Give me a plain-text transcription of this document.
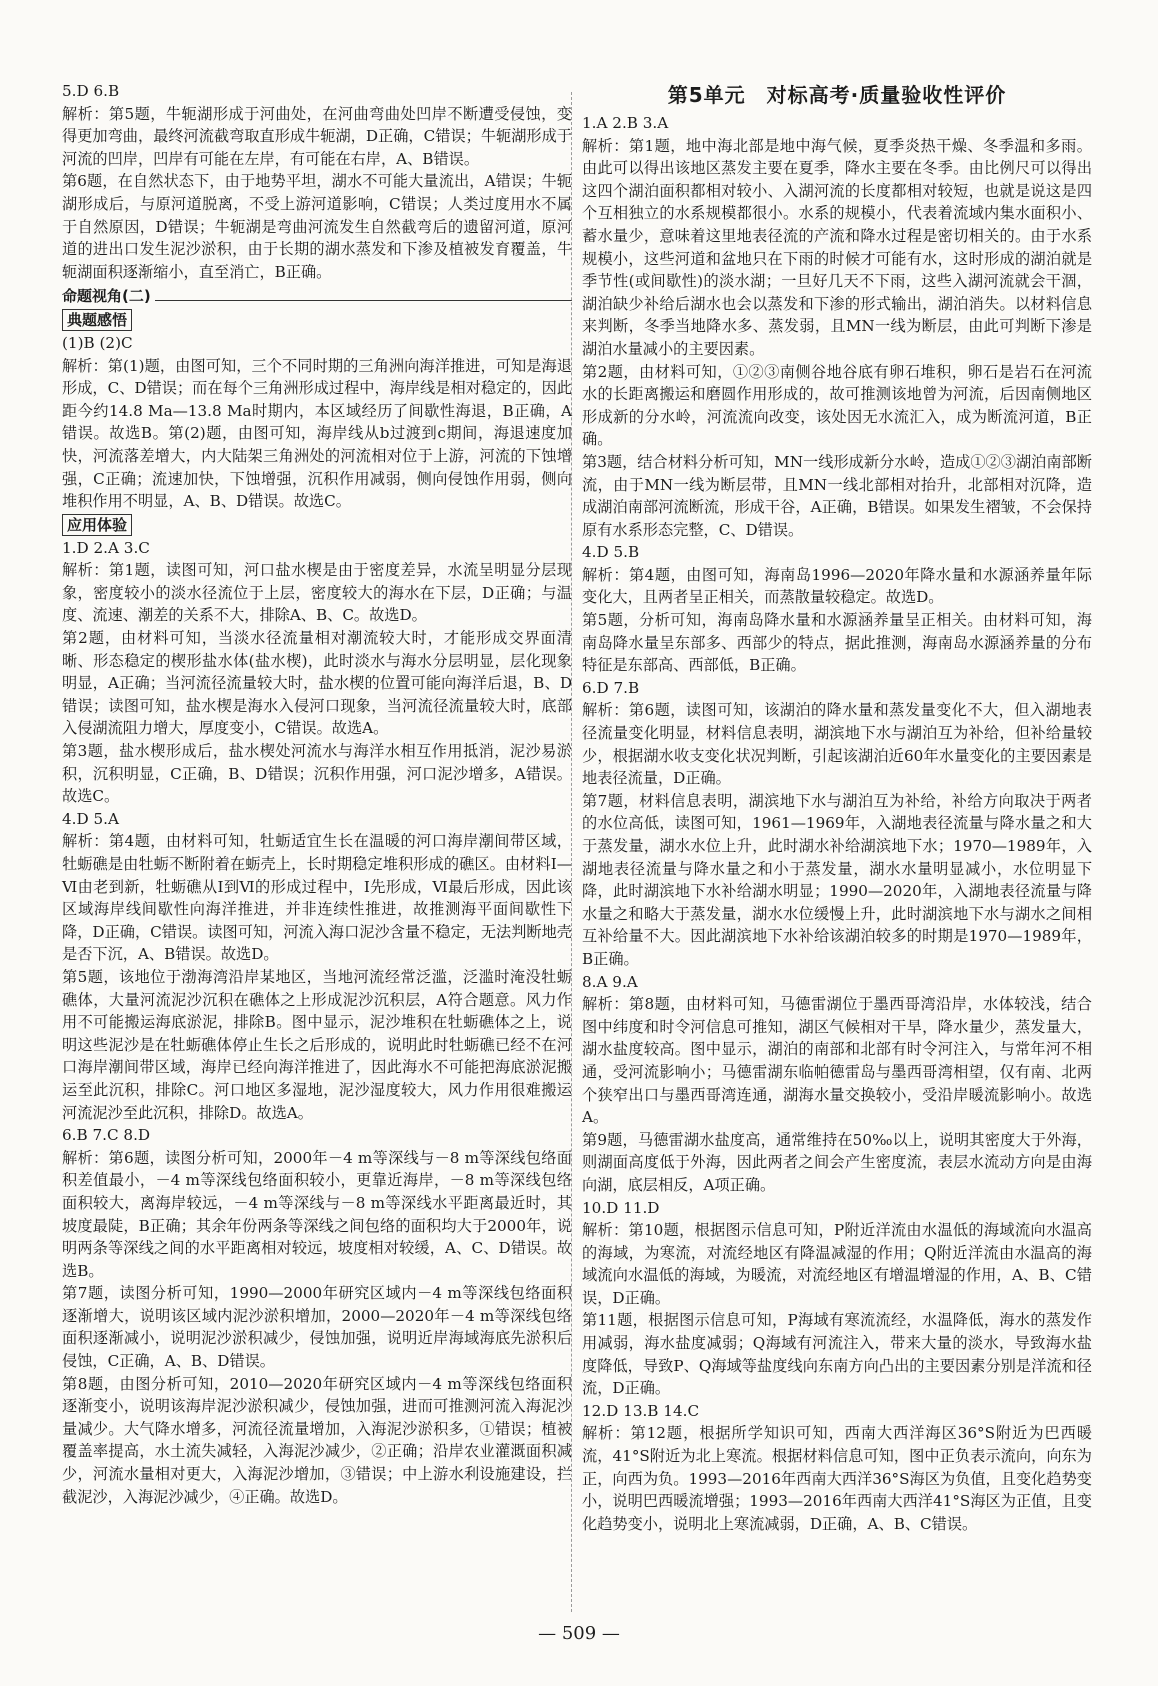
5.D 6.B

解析：第5题，牛轭湖形成于河曲处，在河曲弯曲处凹岸不断遭受侵蚀，变得更加弯曲，最终河流截弯取直形成牛轭湖，D正确，C错误；牛轭湖形成于河流的凹岸，凹岸有可能在左岸，有可能在右岸，A、B错误。

第6题，在自然状态下，由于地势平坦，湖水不可能大量流出，A错误；牛轭湖形成后，与原河道脱离，不受上游河道影响，C错误；人类过度用水不属于自然原因，D错误；牛轭湖是弯曲河流发生自然截弯后的遗留河道，原河道的进出口发生泥沙淤积，由于长期的湖水蒸发和下渗及植被发育覆盖，牛轭湖面积逐渐缩小，直至消亡，B正确。

命题视角(二)
典题感悟

(1)B (2)C

解析：第(1)题，由图可知，三个不同时期的三角洲向海洋推进，可知是海退形成，C、D错误；而在每个三角洲形成过程中，海岸线是相对稳定的，因此距今约14.8 Ma—13.8 Ma时期内，本区域经历了间歇性海退，B正确，A错误。故选B。第(2)题，由图可知，海岸线从b过渡到c期间，海退速度加快，河流落差增大，内大陆架三角洲处的河流相对位于上游，河流的下蚀增强，C正确；流速加快，下蚀增强，沉积作用减弱，侧向侵蚀作用弱，侧向堆积作用不明显，A、B、D错误。故选C。

应用体验

1.D 2.A 3.C

解析：第1题，读图可知，河口盐水楔是由于密度差异，水流呈明显分层现象，密度较小的淡水径流位于上层，密度较大的海水在下层，D正确；与温度、流速、潮差的关系不大，排除A、B、C。故选D。

第2题，由材料可知，当淡水径流量相对潮流较大时，才能形成交界面清晰、形态稳定的楔形盐水体(盐水楔)，此时淡水与海水分层明显，层化现象明显，A正确；当河流径流量较大时，盐水楔的位置可能向海洋后退，B、D错误；读图可知，盐水楔是海水入侵河口现象，当河流径流量较大时，底部入侵湖流阻力增大，厚度变小，C错误。故选A。

第3题，盐水楔形成后，盐水楔处河流水与海洋水相互作用抵消，泥沙易淤积，沉积明显，C正确，B、D错误；沉积作用强，河口泥沙增多，A错误。故选C。

4.D 5.A

解析：第4题，由材料可知，牡蛎适宜生长在温暖的河口海岸潮间带区域，牡蛎礁是由牡蛎不断附着在蛎壳上，长时期稳定堆积形成的礁区。由材料Ⅰ—Ⅵ由老到新，牡蛎礁从Ⅰ到Ⅵ的形成过程中，Ⅰ先形成，Ⅵ最后形成，因此该区域海岸线间歇性向海洋推进，并非连续性推进，故推测海平面间歇性下降，D正确，C错误。读图可知，河流入海口泥沙含量不稳定，无法判断地壳是否下沉，A、B错误。故选D。

第5题，该地位于渤海湾沿岸某地区，当地河流经常泛滥，泛滥时淹没牡蛎礁体，大量河流泥沙沉积在礁体之上形成泥沙沉积层，A符合题意。风力作用不可能搬运海底淤泥，排除B。图中显示，泥沙堆积在牡蛎礁体之上，说明这些泥沙是在牡蛎礁体停止生长之后形成的，说明此时牡蛎礁已经不在河口海岸潮间带区域，海岸已经向海洋推进了，因此海水不可能把海底淤泥搬运至此沉积，排除C。河口地区多湿地，泥沙湿度较大，风力作用很难搬运河流泥沙至此沉积，排除D。故选A。

6.B 7.C 8.D

解析：第6题，读图分析可知，2000年－4 m等深线与－8 m等深线包络面积差值最小，－4 m等深线包络面积较小，更靠近海岸，－8 m等深线包络面积较大，离海岸较远，－4 m等深线与－8 m等深线水平距离最近时，其坡度最陡，B正确；其余年份两条等深线之间包络的面积均大于2000年，说明两条等深线之间的水平距离相对较远，坡度相对较缓，A、C、D错误。故选B。

第7题，读图分析可知，1990—2000年研究区域内－4 m等深线包络面积逐渐增大，说明该区域内泥沙淤积增加，2000—2020年－4 m等深线包络面积逐渐减小，说明泥沙淤积减少，侵蚀加强，说明近岸海域海底先淤积后侵蚀，C正确，A、B、D错误。

第8题，由图分析可知，2010—2020年研究区域内－4 m等深线包络面积逐渐变小，说明该海岸泥沙淤积减少，侵蚀加强，进而可推测河流入海泥沙量减少。大气降水增多，河流径流量增加，入海泥沙淤积多，①错误；植被覆盖率提高，水土流失减轻，入海泥沙减少，②正确；沿岸农业灌溉面积减少，河流水量相对更大，入海泥沙增加，③错误；中上游水利设施建设，拦截泥沙，入海泥沙减少，④正确。故选D。

第5单元　对标高考·质量验收性评价

1.A 2.B 3.A

解析：第1题，地中海北部是地中海气候，夏季炎热干燥、冬季温和多雨。由此可以得出该地区蒸发主要在夏季，降水主要在冬季。由比例尺可以得出这四个湖泊面积都相对较小、入湖河流的长度都相对较短，也就是说这是四个互相独立的水系规模都很小。水系的规模小，代表着流域内集水面积小、蓄水量少，意味着这里地表径流的产流和降水过程是密切相关的。由于水系规模小，这些河道和盆地只在下雨的时候才可能有水，这时形成的湖泊就是季节性(或间歇性)的淡水湖；一旦好几天不下雨，这些入湖河流就会干涸，湖泊缺少补给后湖水也会以蒸发和下渗的形式输出，湖泊消失。以材料信息来判断，冬季当地降水多、蒸发弱，且MN一线为断层，由此可判断下渗是湖泊水量减小的主要因素。

第2题，由材料可知，①②③南侧谷地谷底有卵石堆积，卵石是岩石在河流水的长距离搬运和磨圆作用形成的，故可推测该地曾为河流，后因南侧地区形成新的分水岭，河流流向改变，该处因无水流汇入，成为断流河道，B正确。

第3题，结合材料分析可知，MN一线形成新分水岭，造成①②③湖泊南部断流，由于MN一线为断层带，且MN一线北部相对抬升，北部相对沉降，造成湖泊南部河流断流，形成干谷，A正确，B错误。如果发生褶皱，不会保持原有水系形态完整，C、D错误。

4.D 5.B

解析：第4题，由图可知，海南岛1996—2020年降水量和水源涵养量年际变化大，且两者呈正相关，而蒸散量较稳定。故选D。

第5题，分析可知，海南岛降水量和水源涵养量呈正相关。由材料可知，海南岛降水量呈东部多、西部少的特点，据此推测，海南岛水源涵养量的分布特征是东部高、西部低，B正确。

6.D 7.B

解析：第6题，读图可知，该湖泊的降水量和蒸发量变化不大，但入湖地表径流量变化明显，材料信息表明，湖滨地下水与湖泊互为补给，但补给量较少，根据湖水收支变化状况判断，引起该湖泊近60年水量变化的主要因素是地表径流量，D正确。

第7题，材料信息表明，湖滨地下水与湖泊互为补给，补给方向取决于两者的水位高低，读图可知，1961—1969年，入湖地表径流量与降水量之和大于蒸发量，湖水水位上升，此时湖水补给湖滨地下水；1970—1989年，入湖地表径流量与降水量之和小于蒸发量，湖水水量明显减小，水位明显下降，此时湖滨地下水补给湖水明显；1990—2020年，入湖地表径流量与降水量之和略大于蒸发量，湖水水位缓慢上升，此时湖滨地下水与湖水之间相互补给量不大。因此湖滨地下水补给该湖泊较多的时期是1970—1989年，B正确。

8.A 9.A

解析：第8题，由材料可知，马德雷湖位于墨西哥湾沿岸，水体较浅，结合图中纬度和时令河信息可推知，湖区气候相对干旱，降水量少，蒸发量大，湖水盐度较高。图中显示，湖泊的南部和北部有时令河注入，与常年河不相通，受河流影响小；马德雷湖东临帕德雷岛与墨西哥湾相望，仅有南、北两个狭窄出口与墨西哥湾连通，湖海水量交换较小，受沿岸暖流影响小。故选A。

第9题，马德雷湖水盐度高，通常维持在50‰以上，说明其密度大于外海，则湖面高度低于外海，因此两者之间会产生密度流，表层水流动方向是由海向湖，底层相反，A项正确。

10.D 11.D

解析：第10题，根据图示信息可知，P附近洋流由水温低的海域流向水温高的海域，为寒流，对流经地区有降温减湿的作用；Q附近洋流由水温高的海域流向水温低的海域，为暖流，对流经地区有增温增湿的作用，A、B、C错误，D正确。

第11题，根据图示信息可知，P海域有寒流流经，水温降低，海水的蒸发作用减弱，海水盐度减弱；Q海域有河流注入，带来大量的淡水，导致海水盐度降低，导致P、Q海域等盐度线向东南方向凸出的主要因素分别是洋流和径流，D正确。

12.D 13.B 14.C

解析：第12题，根据所学知识可知，西南大西洋海区36°S附近为巴西暖流，41°S附近为北上寒流。根据材料信息可知，图中正负表示流向，向东为正，向西为负。1993—2016年西南大西洋36°S海区为负值，且变化趋势变小，说明巴西暖流增强；1993—2016年西南大西洋41°S海区为正值，且变化趋势变小，说明北上寒流减弱，D正确，A、B、C错误。

— 509 —
